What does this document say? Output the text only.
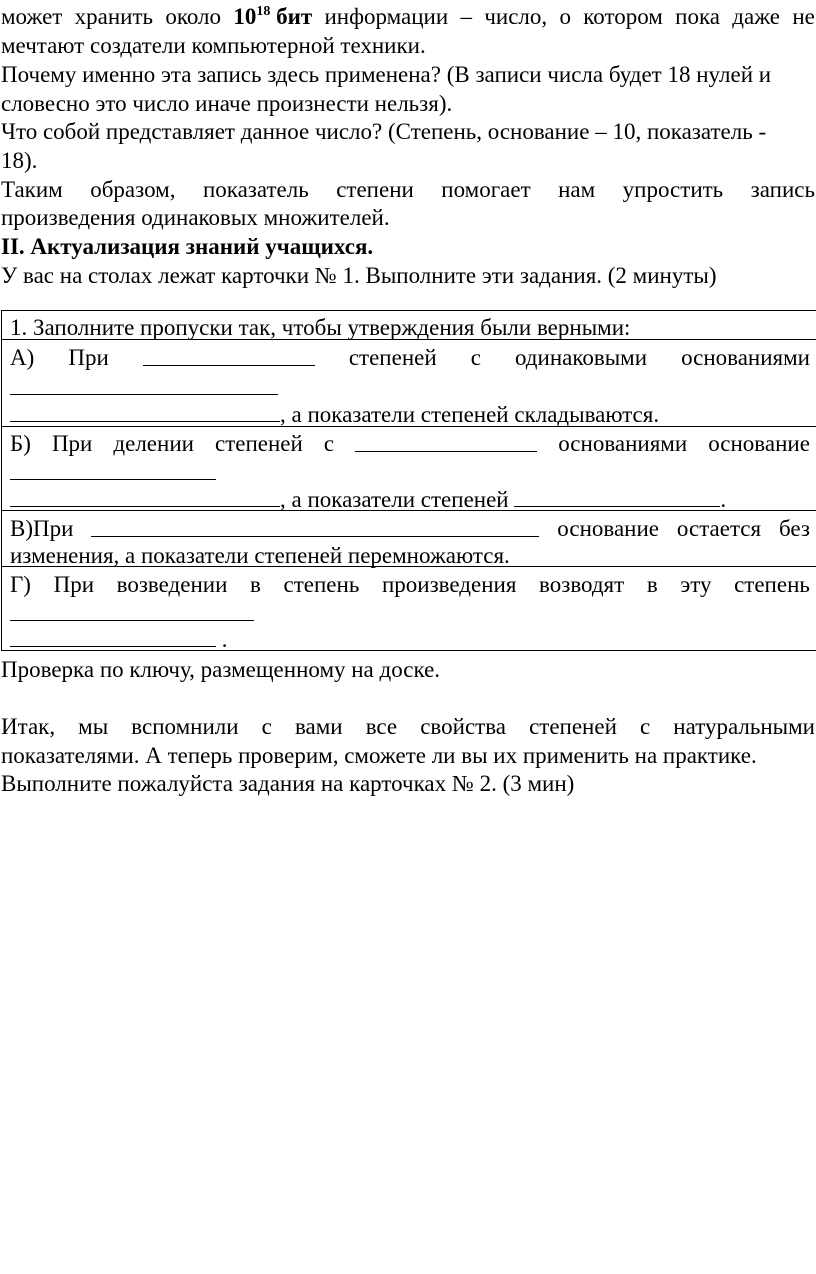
может хранить около $10^{18}$ бит информации – число, о котором пока даже не
мечтают создатели компьютерной техники.
Почему именно эта запись здесь применена? (В записи числа будет 18 нулей и
словесно это число иначе произнести нельзя).
Что собой представляет данное число? (Степень, основание – 10, показатель -
18).
Таким образом, показатель степени помогает нам упростить запись
произведения одинаковых множителей.
II. Актуализация знаний учащихся.
У вас на столах лежат карточки № 1. Выполните эти задания. (2 минуты)
1. Заполните пропуски так, чтобы утверждения были верными:
А) При	степеней с одинаковыми основаниями
, а показатели степеней складываются.
Б) При делении степеней с	основаниями основание
, а показатели степеней	.
В)При	основание остается без
изменения, а показатели степеней перемножаются.
Г) При возведении в степень произведения возводят в эту степень
.
Проверка по ключу, размещенному на доске.
Итак, мы вспомнили с вами все свойства степеней с натуральными
показателями. А теперь проверим, сможете ли вы их применить на практике.
Выполните пожалуйста задания на карточках № 2. (3 мин)
